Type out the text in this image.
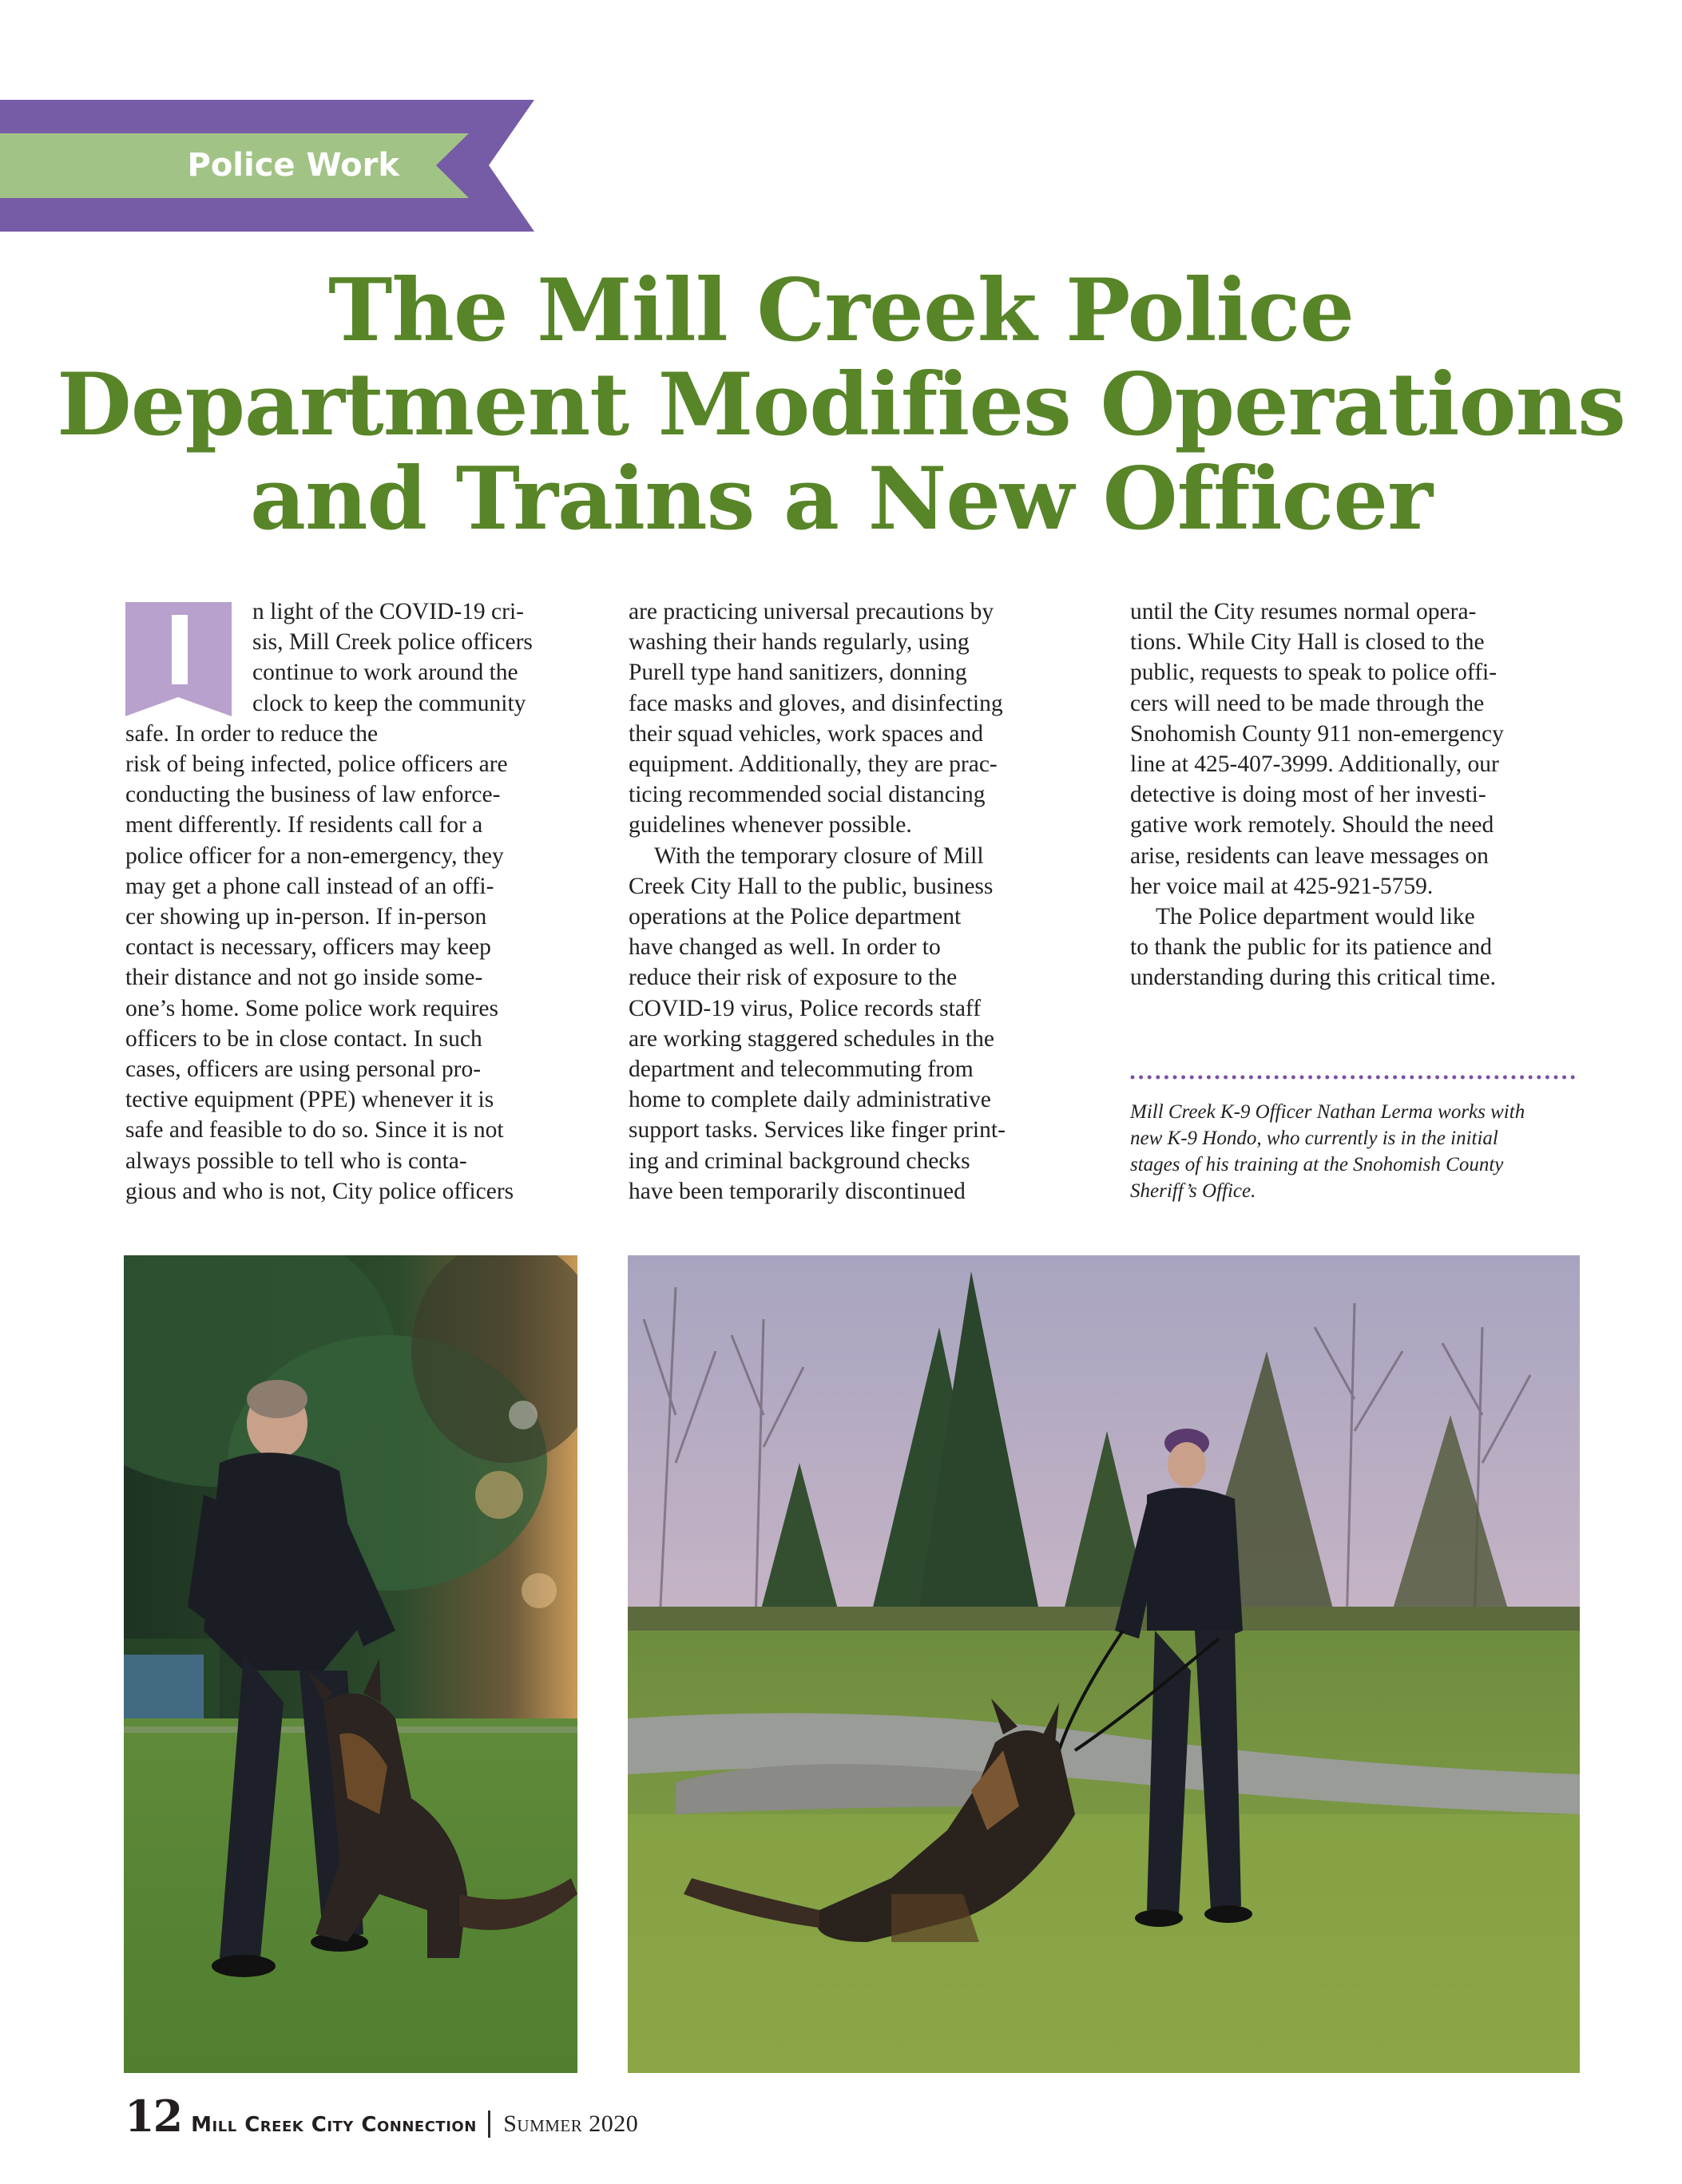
Police Work
The Mill Creek Police
Department Modifies Operations
and Trains a New Officer

n light of the COVID-19 cri-
sis, Mill Creek police officers
continue to work around the
clock to keep the community
safe. In order to reduce the
risk of being infected, police officers are
conducting the business of law enforce-
ment differently. If residents call for a
police officer for a non-emergency, they
may get a phone call instead of an offi-
cer showing up in-person. If in-person
contact is necessary, officers may keep
their distance and not go inside some-
one’s home. Some police work requires
officers to be in close contact. In such
cases, officers are using personal pro-
tective equipment (PPE) whenever it is
safe and feasible to do so. Since it is not
always possible to tell who is conta-
gious and who is not, City police officers

are practicing universal precautions by
washing their hands regularly, using
Purell type hand sanitizers, donning
face masks and gloves, and disinfecting
their squad vehicles, work spaces and
equipment. Additionally, they are prac-
ticing recommended social distancing
guidelines whenever possible.

With the temporary closure of Mill
Creek City Hall to the public, business
operations at the Police department
have changed as well. In order to
reduce their risk of exposure to the
COVID-19 virus, Police records staff
are working staggered schedules in the
department and telecommuting from
home to complete daily administrative
support tasks. Services like finger print-
ing and criminal background checks
have been temporarily discontinued

until the City resumes normal opera-
tions. While City Hall is closed to the
public, requests to speak to police offi-
cers will need to be made through the
Snohomish County 911 non-emergency
line at 425-407-3999. Additionally, our
detective is doing most of her investi-
gative work remotely. Should the need
arise, residents can leave messages on
her voice mail at 425-921-5759.

The Police department would like
to thank the public for its patience and
understanding during this critical time.

Mill Creek K-9 Officer Nathan Lerma works with
new K-9 Hondo, who currently is in the initial
stages of his training at the Snohomish County
Sheriff’s Office.
12 Mill Creek City Connection | Summer 2020
